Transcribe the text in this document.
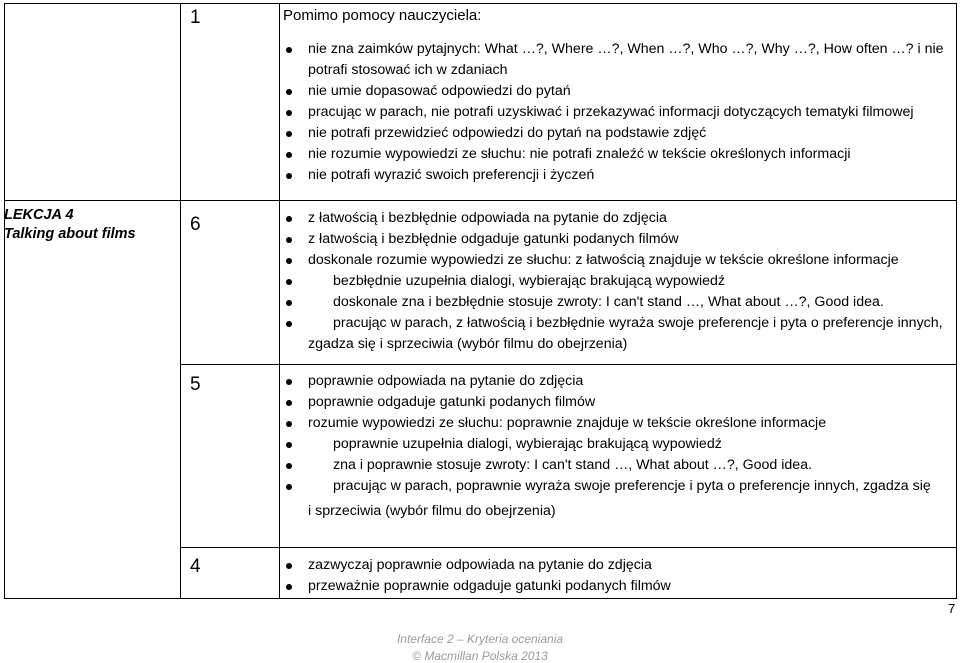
LEKCJA 4
Talking about films
1	Pomimo pomocy nauczyciela:
nie zna zaimków pytajnych: What …?, Where …?, When …?, Who …?, Why …?, How often …? i nie potrafi stosować ich w zdaniach
nie umie dopasować odpowiedzi do pytań
pracując w parach, nie potrafi uzyskiwać i przekazywać informacji dotyczących tematyki filmowej
nie potrafi przewidzieć odpowiedzi do pytań na podstawie zdjęć
nie rozumie wypowiedzi ze słuchu: nie potrafi znaleźć w tekście określonych informacji
nie potrafi wyrazić swoich preferencji i życzeń
6	z łatwością i bezbłędnie odpowiada na pytanie do zdjęcia
z łatwością i bezbłędnie odgaduje gatunki podanych filmów
doskonale rozumie wypowiedzi ze słuchu: z łatwością znajduje w tekście określone informacje
bezbłędnie uzupełnia dialogi, wybierając brakującą wypowiedź
doskonale zna i bezbłędnie stosuje zwroty: I can't stand …, What about …?, Good idea.
pracując w parach, z łatwością i bezbłędnie wyraża swoje preferencje i pyta o preferencje innych, zgadza się i sprzeciwia (wybór filmu do obejrzenia)
5	poprawnie odpowiada na pytanie do zdjęcia
poprawnie odgaduje gatunki podanych filmów
rozumie wypowiedzi ze słuchu: poprawnie znajduje w tekście określone informacje
poprawnie uzupełnia dialogi, wybierając brakującą wypowiedź
zna i poprawnie stosuje zwroty: I can't stand …, What about …?, Good idea.
pracując w parach, poprawnie wyraża swoje preferencje i pyta o preferencje innych, zgadza się
i sprzeciwia (wybór filmu do obejrzenia)
4	zazwyczaj poprawnie odpowiada na pytanie do zdjęcia
przeważnie poprawnie odgaduje gatunki podanych filmów
7
Interface 2 – Kryteria oceniania
© Macmillan Polska 2013
